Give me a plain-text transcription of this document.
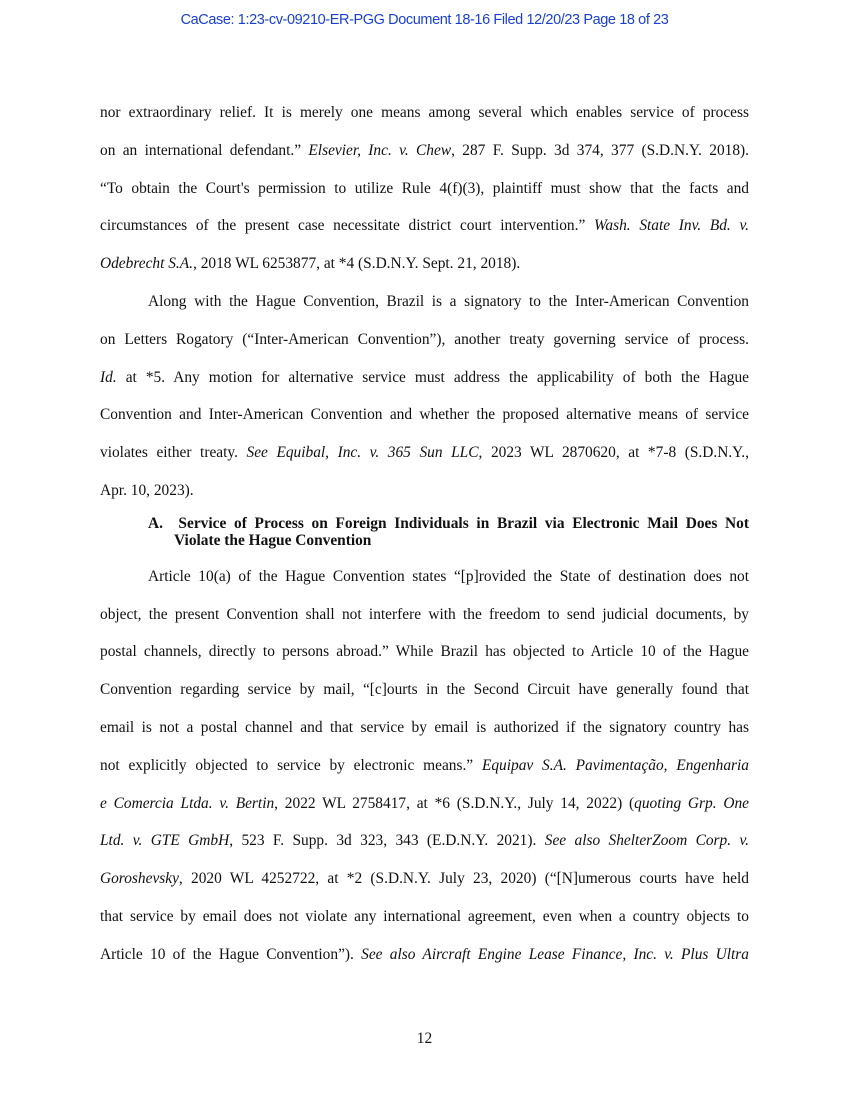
CaCase: 1:23-cv-09210-ER-PGG Document 18-16 Filed 12/20/23 Page 18 of 23
nor extraordinary relief. It is merely one means among several which enables service of process
on an international defendant.” Elsevier, Inc. v. Chew, 287 F. Supp. 3d 374, 377 (S.D.N.Y. 2018).
“To obtain the Court's permission to utilize Rule 4(f)(3), plaintiff must show that the facts and
circumstances of the present case necessitate district court intervention.” Wash. State Inv. Bd. v.
Odebrecht S.A., 2018 WL 6253877, at *4 (S.D.N.Y. Sept. 21, 2018).
Along with the Hague Convention, Brazil is a signatory to the Inter-American Convention
on Letters Rogatory (“Inter-American Convention”), another treaty governing service of process.
Id. at *5. Any motion for alternative service must address the applicability of both the Hague
Convention and Inter-American Convention and whether the proposed alternative means of service
violates either treaty. See Equibal, Inc. v. 365 Sun LLC, 2023 WL 2870620, at *7-8 (S.D.N.Y.,
Apr. 10, 2023).
A. Service of Process on Foreign Individuals in Brazil via Electronic Mail Does Not
Violate the Hague Convention
Article 10(a) of the Hague Convention states “[p]rovided the State of destination does not
object, the present Convention shall not interfere with the freedom to send judicial documents, by
postal channels, directly to persons abroad.” While Brazil has objected to Article 10 of the Hague
Convention regarding service by mail, “[c]ourts in the Second Circuit have generally found that
email is not a postal channel and that service by email is authorized if the signatory country has
not explicitly objected to service by electronic means.” Equipav S.A. Pavimentação, Engenharia
e Comercia Ltda. v. Bertin, 2022 WL 2758417, at *6 (S.D.N.Y., July 14, 2022) (quoting Grp. One
Ltd. v. GTE GmbH, 523 F. Supp. 3d 323, 343 (E.D.N.Y. 2021). See also ShelterZoom Corp. v.
Goroshevsky, 2020 WL 4252722, at *2 (S.D.N.Y. July 23, 2020) (“[N]umerous courts have held
that service by email does not violate any international agreement, even when a country objects to
Article 10 of the Hague Convention”). See also Aircraft Engine Lease Finance, Inc. v. Plus Ultra
12
